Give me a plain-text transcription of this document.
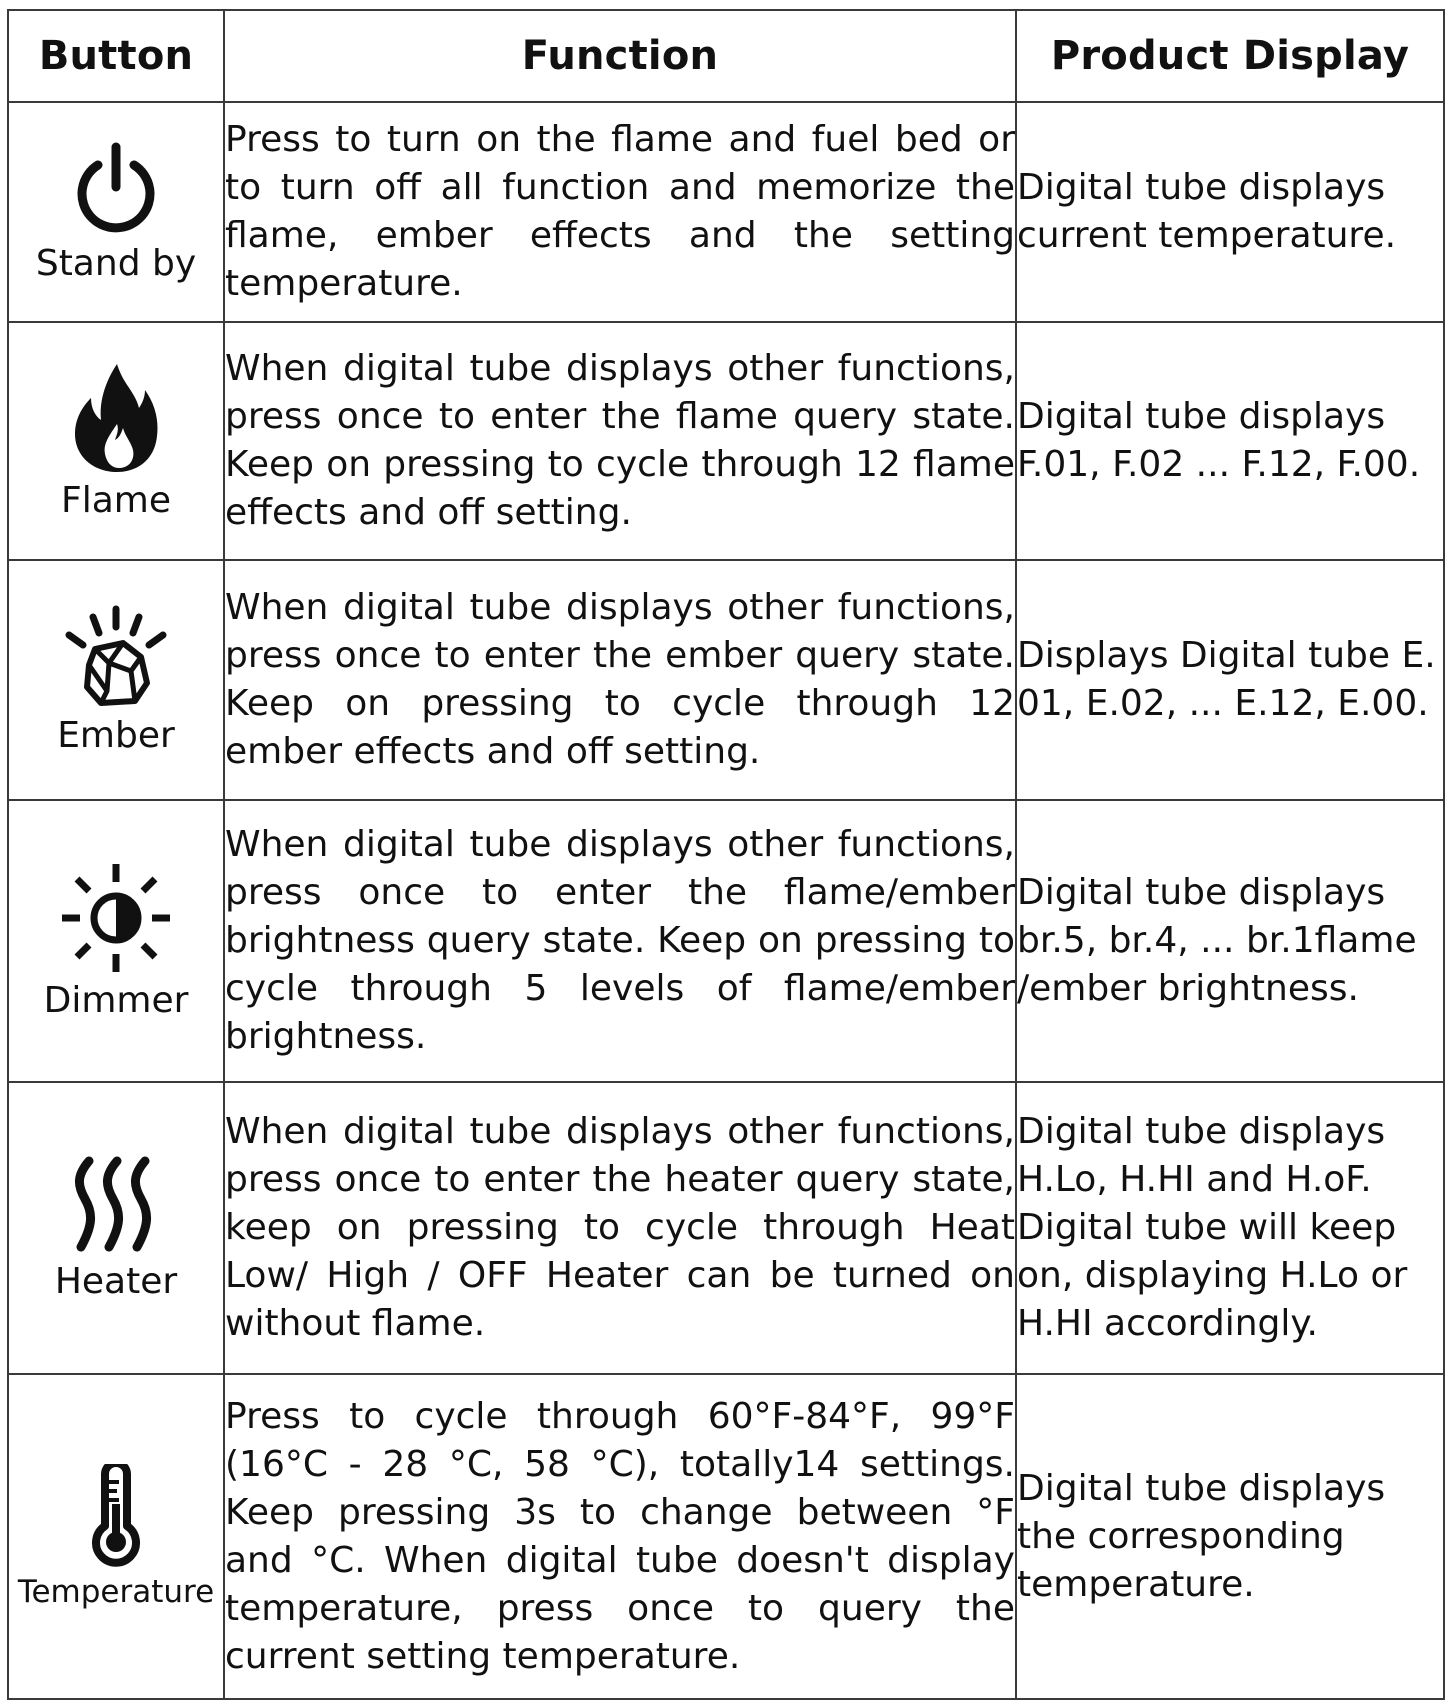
Button	Function	Product Display

Stand by	Press to turn on the flame and fuel bed or to turn off all function and memorize the flame, ember effects and the setting temperature.	Digital tube displays current temperature.

Flame	When digital tube displays other functions, press once to enter the flame query state. Keep on pressing to cycle through 12 flame effects and off setting.	Digital tube displays F.01, F.02 ... F.12, F.00.

Ember	When digital tube displays other functions, press once to enter the ember query state. Keep on pressing to cycle through 12 ember effects and off setting.	Displays Digital tube E. 01, E.02, ... E.12, E.00.

Dimmer	When digital tube displays other functions, press once to enter the flame/ember brightness query state. Keep on pressing to cycle through 5 levels of flame/ember brightness.	Digital tube displays br.5, br.4, ... br.1flame /ember brightness.

Heater	When digital tube displays other functions, press once to enter the heater query state, keep on pressing to cycle through Heat Low/ High / OFF Heater can be turned on without flame.	Digital tube displays H.Lo, H.HI and H.oF. Digital tube will keep on, displaying H.Lo or H.HI accordingly.

Temperature	Press to cycle through 60°F-84°F, 99°F (16°C - 28 °C, 58 °C), totally14 settings. Keep pressing 3s to change between °F and °C. When digital tube doesn't display temperature, press once to query the current setting temperature.	Digital tube displays the corresponding temperature.
